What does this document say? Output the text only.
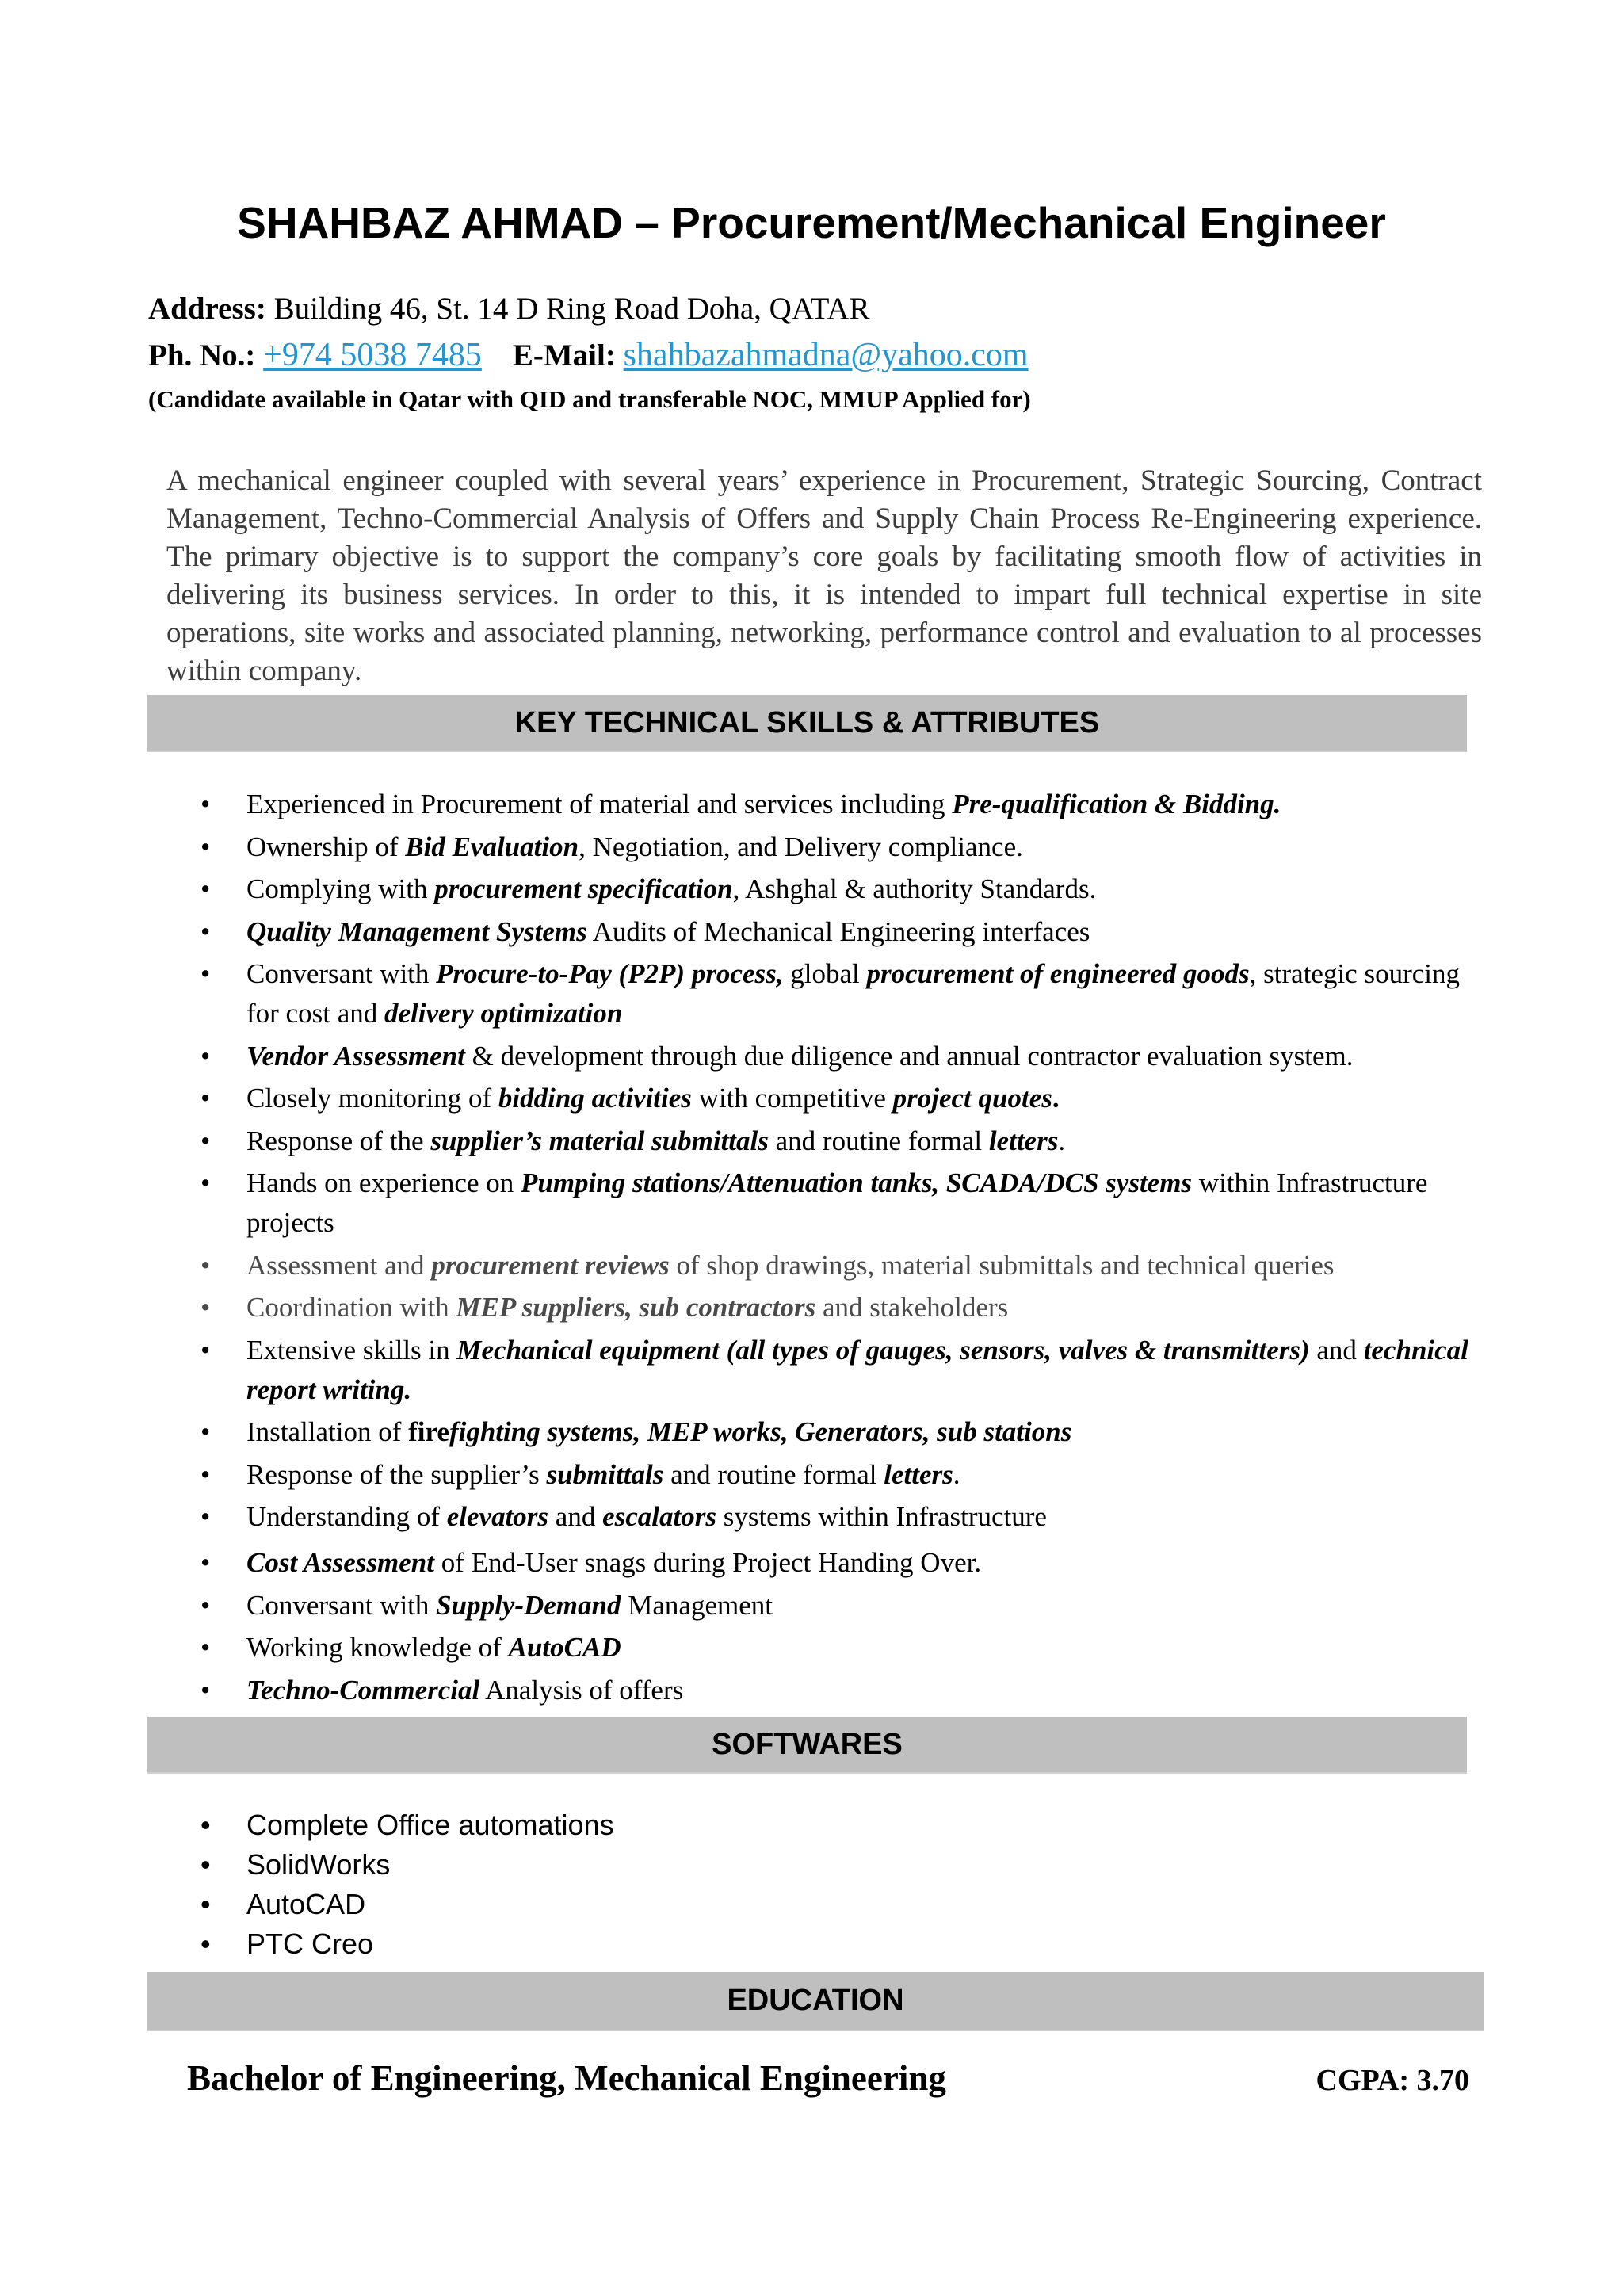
SHAHBAZ AHMAD – Procurement/Mechanical Engineer
Address: Building 46, St. 14 D Ring Road Doha, QATAR
Ph. No.: +974 5038 7485 E-Mail: shahbazahmadna@yahoo.com
(Candidate available in Qatar with QID and transferable NOC, MMUP Applied for)

A mechanical engineer coupled with several years’ experience in Procurement, Strategic Sourcing, Contract Management, Techno-Commercial Analysis of Offers and Supply Chain Process Re-Engineering experience. The primary objective is to support the company’s core goals by facilitating smooth flow of activities in delivering its business services. In order to this, it is intended to impart full technical expertise in site operations, site works and associated planning, networking, performance control and evaluation to al processes within company.

KEY TECHNICAL SKILLS & ATTRIBUTES
• Experienced in Procurement of material and services including Pre-qualification & Bidding.
• Ownership of Bid Evaluation, Negotiation, and Delivery compliance.
• Complying with procurement specification, Ashghal & authority Standards.
• Quality Management Systems Audits of Mechanical Engineering interfaces
• Conversant with Procure-to-Pay (P2P) process, global procurement of engineered goods, strategic sourcing for cost and delivery optimization
• Vendor Assessment & development through due diligence and annual contractor evaluation system.
• Closely monitoring of bidding activities with competitive project quotes.
• Response of the supplier’s material submittals and routine formal letters.
• Hands on experience on Pumping stations/Attenuation tanks, SCADA/DCS systems within Infrastructure projects
• Assessment and procurement reviews of shop drawings, material submittals and technical queries
• Coordination with MEP suppliers, sub contractors and stakeholders
• Extensive skills in Mechanical equipment (all types of gauges, sensors, valves & transmitters) and technical report writing.
• Installation of firefighting systems, MEP works, Generators, sub stations
• Response of the supplier’s submittals and routine formal letters.
• Understanding of elevators and escalators systems within Infrastructure
• Cost Assessment of End-User snags during Project Handing Over.
• Conversant with Supply-Demand Management
• Working knowledge of AutoCAD
• Techno-Commercial Analysis of offers
SOFTWARES
• Complete Office automations
• SolidWorks
• AutoCAD
• PTC Creo
EDUCATION
Bachelor of Engineering, Mechanical Engineering	CGPA: 3.70
